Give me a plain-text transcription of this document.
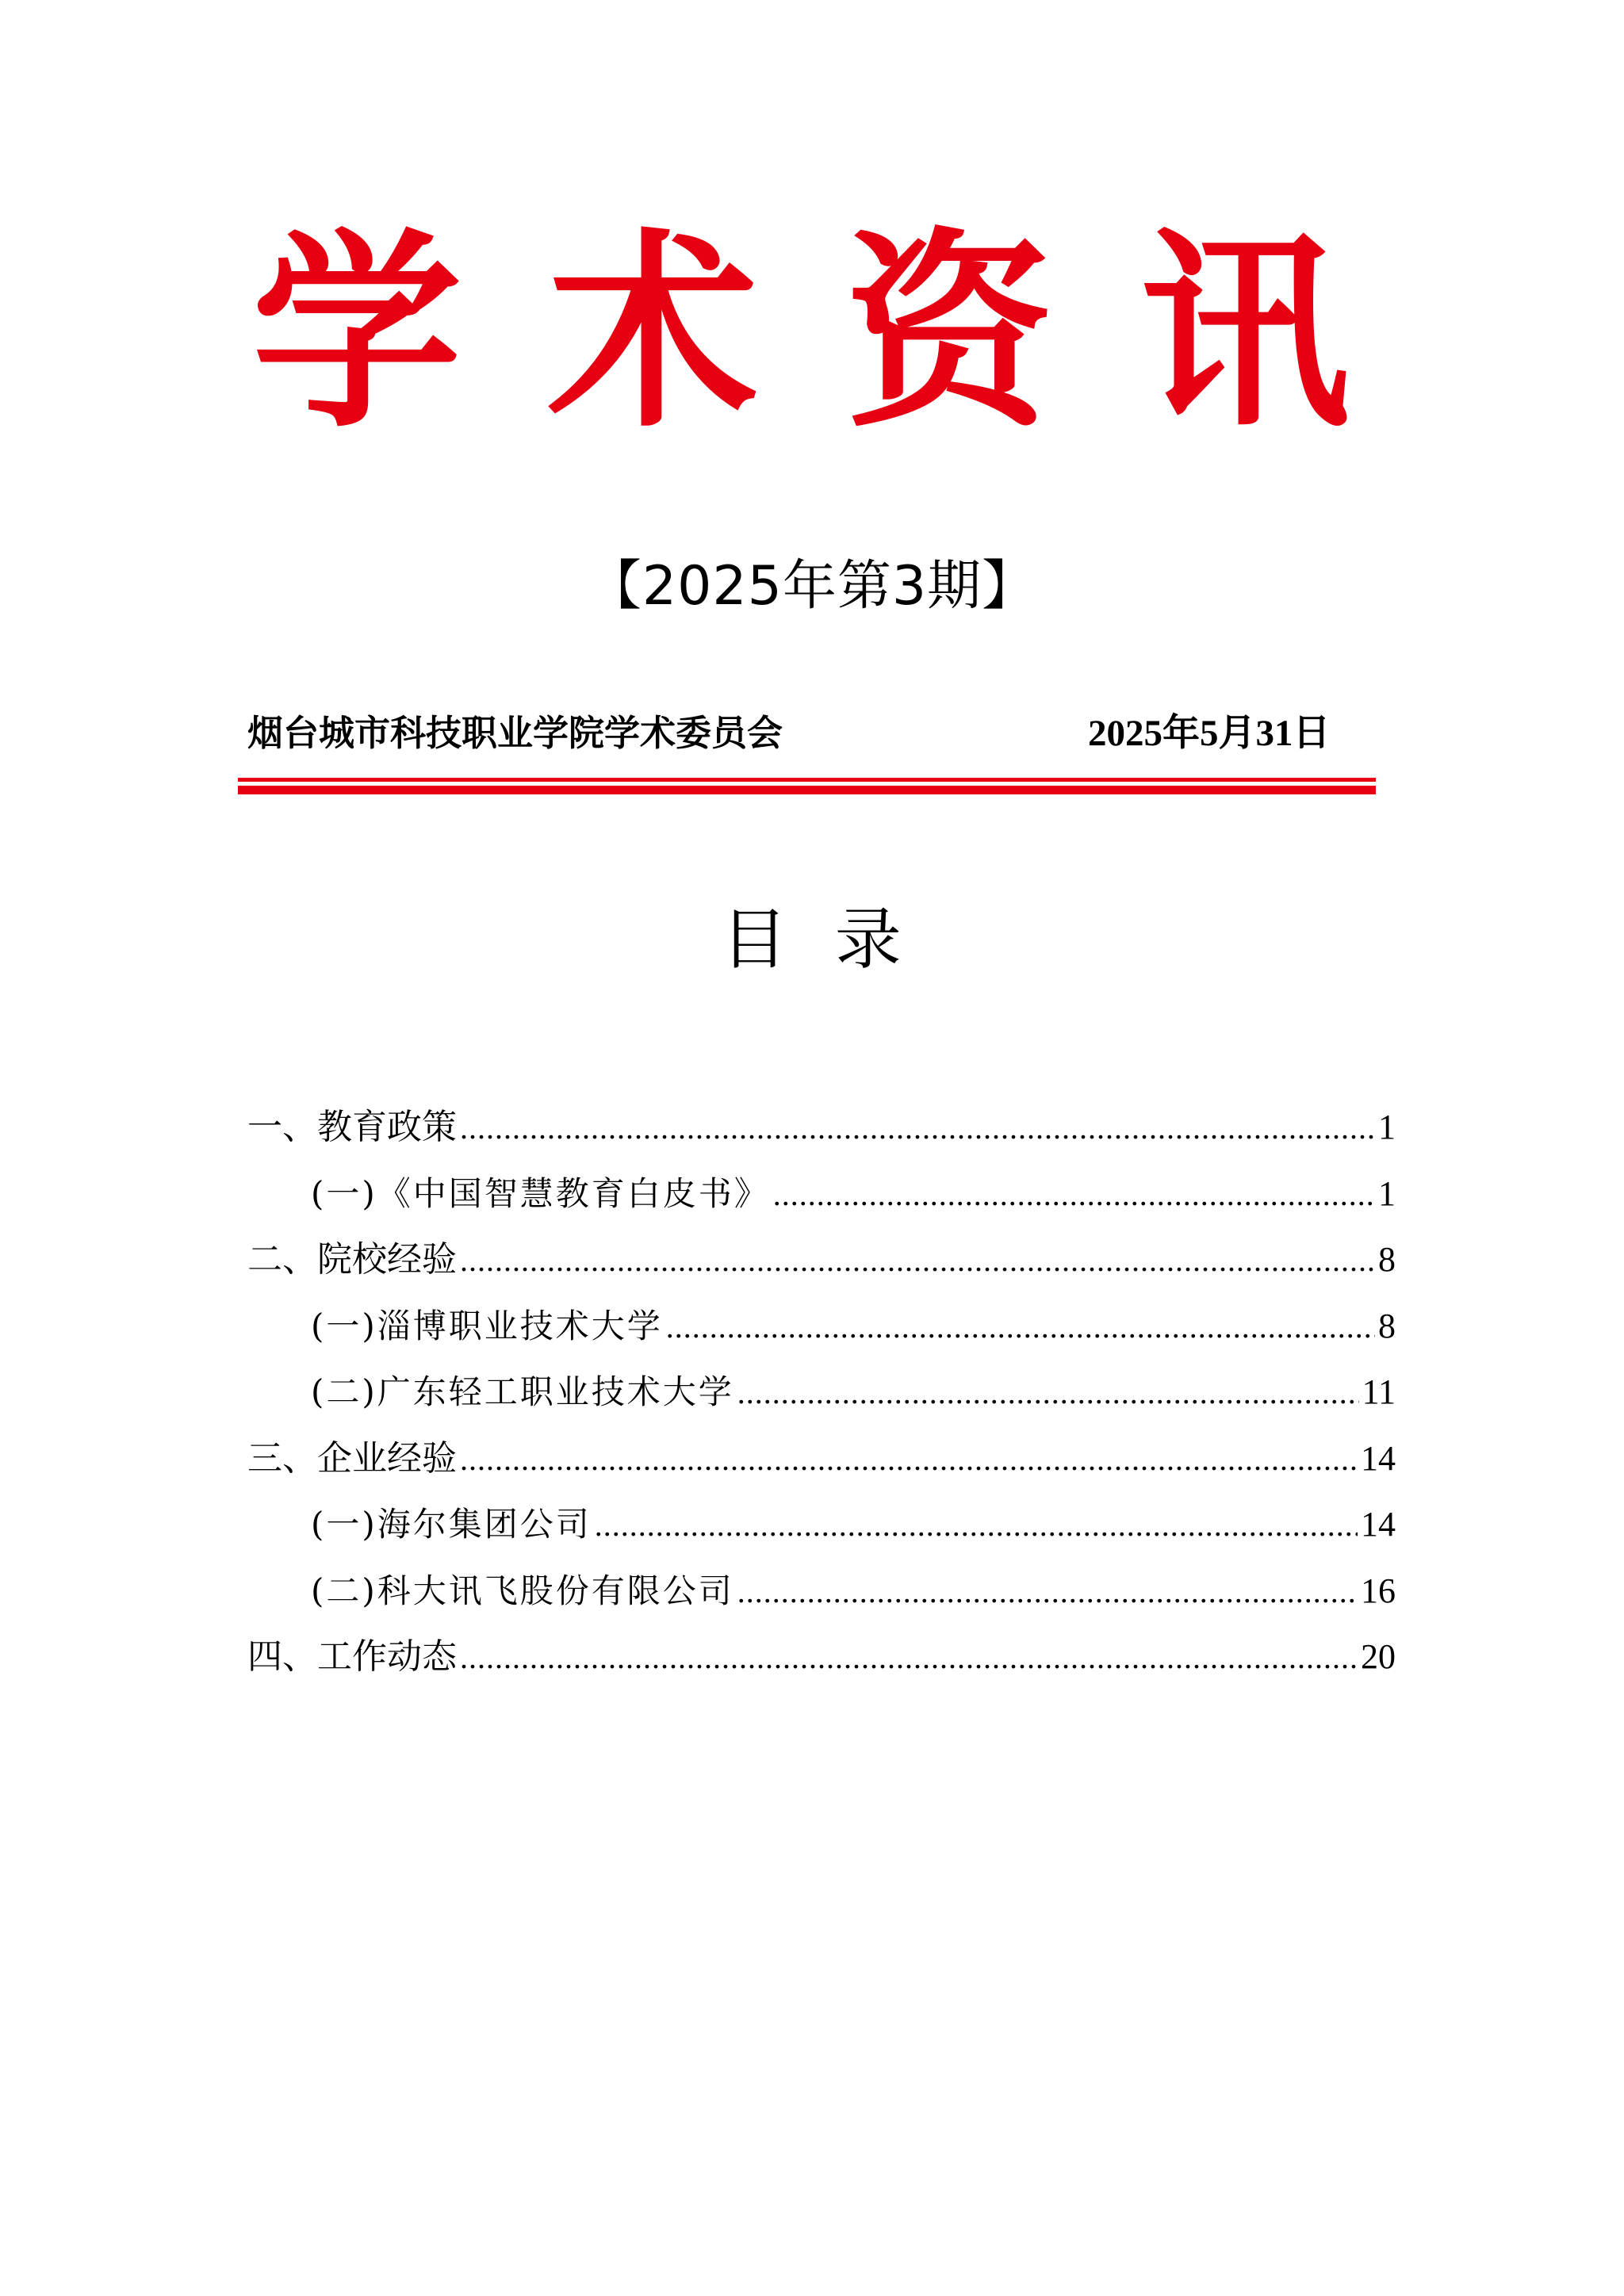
学 术 资 讯
【2025年第3期】
烟台城市科技职业学院学术委员会	2025年5月31日
目  录
一、教育政策 .....	1
(一)《中国智慧教育白皮书》 .....	1
二、院校经验 .....	8
(一)淄博职业技术大学 .....	8
(二)广东轻工职业技术大学 .....	11
三、企业经验 .....	14
(一)海尔集团公司 .....	14
(二)科大讯飞股份有限公司 .....	16
四、工作动态 .....	20
